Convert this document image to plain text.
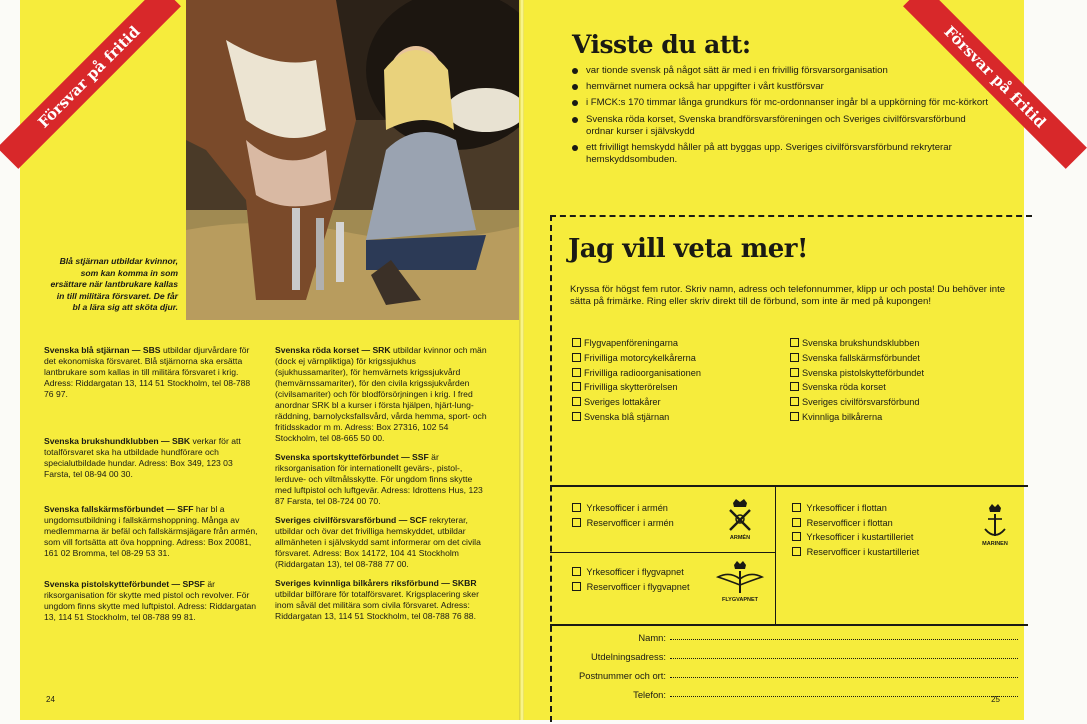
Försvar på fritid
Blå stjärnan utbildar kvinnor, som kan komma in som ersättare när lantbrukare kallas in till militära försvaret. De får bl a lära sig att sköta djur.

Svenska blå stjärnan — SBS utbildar djurvårdare för det ekonomiska försvaret. Blå stjärnorna ska ersätta lantbrukare som kallas in till militära försvaret i krig. Adress: Riddargatan 13, 114 51 Stockholm, tel 08-788 76 97.

Svenska brukshundklubben — SBK verkar för att totalförsvaret ska ha utbildade hundförare och specialutbildade hundar. Adress: Box 349, 123 03 Farsta, tel 08-94 00 30.

Svenska fallskärmsförbundet — SFF har bl a ungdomsutbildning i fallskärmshoppning. Många av medlemmarna är befäl och fallskärmsjägare från armén, som vill fortsätta att öva hoppning. Adress: Box 20081, 161 02 Bromma, tel 08-29 53 31.

Svenska pistolskytteförbundet — SPSF är riksorganisation för skytte med pistol och revolver. För ungdom finns skytte med luftpistol. Adress: Riddargatan 13, 114 51 Stockholm, tel 08-788 99 81.

Svenska röda korset — SRK utbildar kvinnor och män (dock ej värnpliktiga) för krigssjukhus (sjukhussamariter), för hemvärnets krigssjukvård (hemvärnssamariter), för den civila krigssjukvården (civilsamariter) och för blodförsörjningen i krig. I fred anordnar SRK bl a kurser i första hjälpen, hjärt-lung-räddning, barnolycksfallsvård, vårda hemma, sport- och fritidsskador m m. Adress: Box 27316, 102 54 Stockholm, tel 08-665 50 00.

Svenska sportskytteförbundet — SSF är riksorganisation för internationellt gevärs-, pistol-, lerduve- och viltmålsskytte. För ungdom finns skytte med luftpistol och luftgevär. Adress: Idrottens Hus, 123 87 Farsta, tel 08-724 00 70.

Sveriges civilförsvarsförbund — SCF rekryterar, utbildar och övar det frivilliga hemskyddet, utbildar allmänheten i självskydd samt informerar om det civila försvaret. Adress: Box 14172, 104 41 Stockholm (Riddargatan 13), tel 08-788 77 00.

Sveriges kvinnliga bilkårers riksförbund — SKBR utbildar bilförare för totalförsvaret. Krigsplacering sker inom såväl det militära som civila försvaret. Adress: Riddargatan 13, 114 51 Stockholm, tel 08-788 76 88.

24
Försvar på fritid
Visste du att:
var tionde svensk på något sätt är med i en frivillig försvarsorganisation
hemvärnet numera också har uppgifter i vårt kustförsvar
i FMCK:s 170 timmar långa grundkurs för mc-ordonnanser ingår bl a uppkörning för mc-körkort
Svenska röda korset, Svenska brandförsvarsföreningen och Sveriges civilförsvarsförbund ordnar kurser i självskydd
ett frivilligt hemskydd håller på att byggas upp. Sveriges civilförsvarsförbund rekryterar hemskyddsombuden.
Jag vill veta mer!
Kryssa för högst fem rutor. Skriv namn, adress och telefonnummer, klipp ur och posta! Du behöver inte sätta på frimärke. Ring eller skriv direkt till de förbund, som inte är med på kupongen!
Flygvapenföreningarna
Frivilliga motorcykelkårerna
Frivilliga radioorganisationen
Frivilliga skytterörelsen
Sveriges lottakårer
Svenska blå stjärnan
Svenska brukshundsklubben
Svenska fallskärmsförbundet
Svenska pistolskytteförbundet
Svenska röda korset
Sveriges civilförsvarsförbund
Kvinnliga bilkårerna
Yrkesofficer i armén
Reservofficer i armén
ARMÉN
Yrkesofficer i flygvapnet
Reservofficer i flygvapnet
FLYGVAPNET
Yrkesofficer i flottan
Reservofficer i flottan
Yrkesofficer i kustartilleriet
Reservofficer i kustartilleriet
MARINEN
Namn:
Utdelningsadress:
Postnummer och ort:
Telefon:	25
